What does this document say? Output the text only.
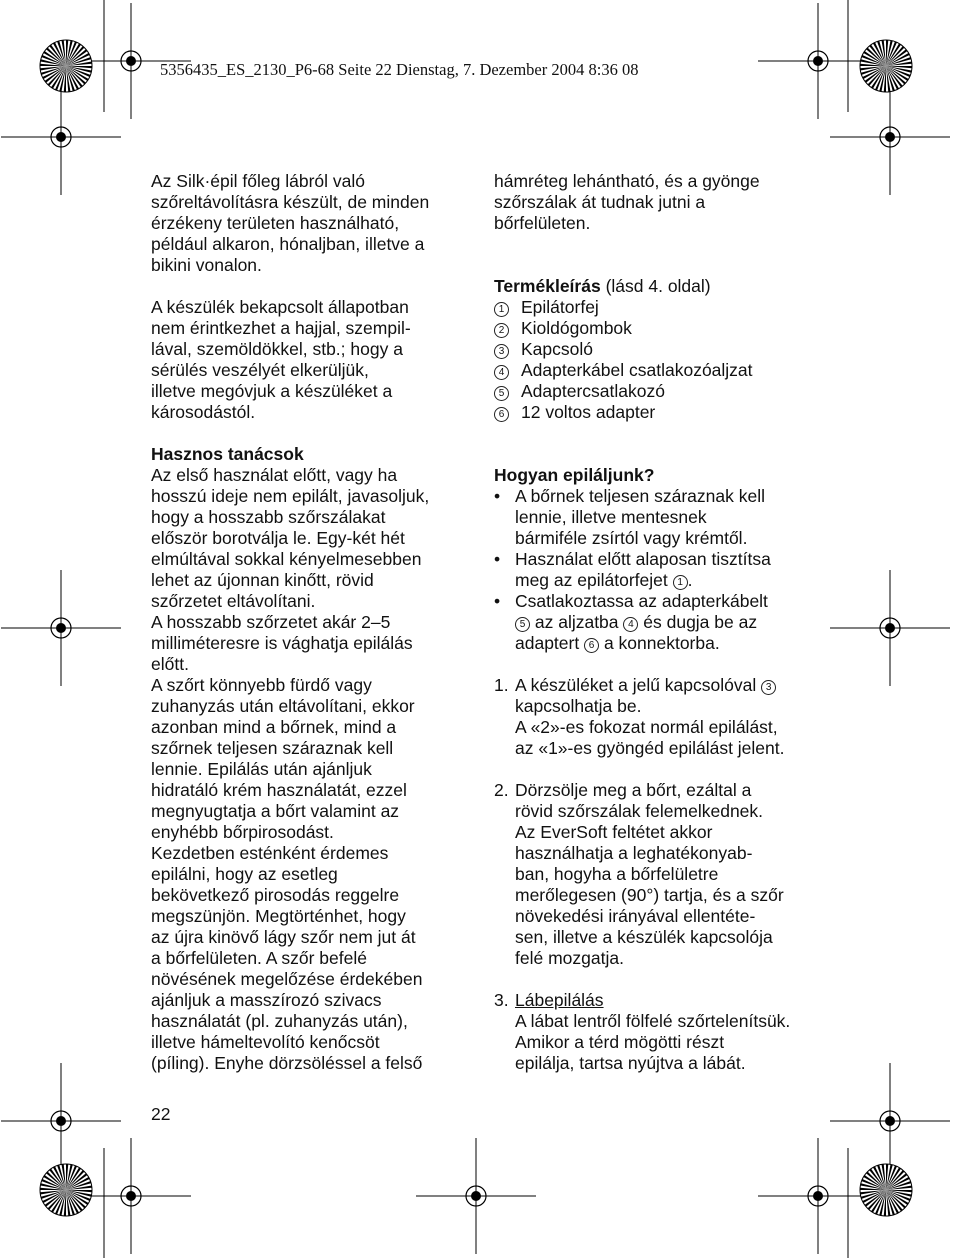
5356435_ES_2130_P6-68 Seite 22 Dienstag, 7. Dezember 2004 8:36 08
Az Silk·épil főleg lábról való
szőreltávolításra készült, de minden
érzékeny területen használható,
például alkaron, hónaljban, illetve a
bikini vonalon.
A készülék bekapcsolt állapotban
nem érintkezhet a hajjal, szempil-
lával, szemöldökkel, stb.; hogy a
sérülés veszélyét elkerüljük,
illetve megóvjuk a készüléket a
károsodástól.
Hasznos tanácsok
Az első használat előtt, vagy ha
hosszú ideje nem epilált, javasoljuk,
hogy a hosszabb szőrszálakat
először borotválja le. Egy-két hét
elmúltával sokkal kényelmesebben
lehet az újonnan kinőtt, rövid
szőrzetet eltávolítani.
A hosszabb szőrzetet akár 2–5
milliméteresre is vághatja epilálás
előtt.
A szőrt könnyebb fürdő vagy
zuhanyzás után eltávolítani, ekkor
azonban mind a bőrnek, mind a
szőrnek teljesen száraznak kell
lennie. Epilálás után ajánljuk
hidratáló krém használatát, ezzel
megnyugtatja a bőrt valamint az
enyhébb bőrpirosodást.
Kezdetben esténként érdemes
epilálni, hogy az esetleg
bekövetkező pirosodás reggelre
megszünjön. Megtörténhet, hogy
az újra kinövő lágy szőr nem jut át
a bőrfelületen. A szőr befelé
növésének megelőzése érdekében
ajánljuk a masszírozó szivacs
használatát (pl. zuhanyzás után),
illetve hámeltevolító kenőcsöt
(píling). Enyhe dörzsöléssel a felső
hámréteg lehántható, és a gyönge
szőrszálak át tudnak jutni a
bőrfelületen.
Termékleírás (lásd 4. oldal)
1 Epilátorfej
2 Kioldógombok
3 Kapcsoló
4 Adapterkábel csatlakozóaljzat
5 Adaptercsatlakozó
6 12 voltos adapter
Hogyan epiláljunk?
• A bőrnek teljesen száraznak kell
lennie, illetve mentesnek
bármiféle zsírtól vagy krémtől.
• Használat előtt alaposan tisztítsa
meg az epilátorfejet 1 .
• Csatlakoztassa az adapterkábelt
5 az aljzatba 4 és dugja be az
adaptert 6 a konnektorba.
1. A készüléket a jelű kapcsolóval 3
kapcsolhatja be.
A «2»-es fokozat normál epilálást,
az «1»-es gyöngéd epilálást jelent.
2. Dörzsölje meg a bőrt, ezáltal a
rövid szőrszálak felemelkednek.
Az EverSoft feltétet akkor
használhatja a leghatékonyab-
ban, hogyha a bőrfelületre
merőlegesen (90°) tartja, és a szőr
növekedési irányával ellentéte-
sen, illetve a készülék kapcsolója
felé mozgatja.
3. Lábepilálás
A lábat lentről fölfelé szőrtelenítsük.
Amikor a térd mögötti részt
epilálja, tartsa nyújtva a lábát.
22
